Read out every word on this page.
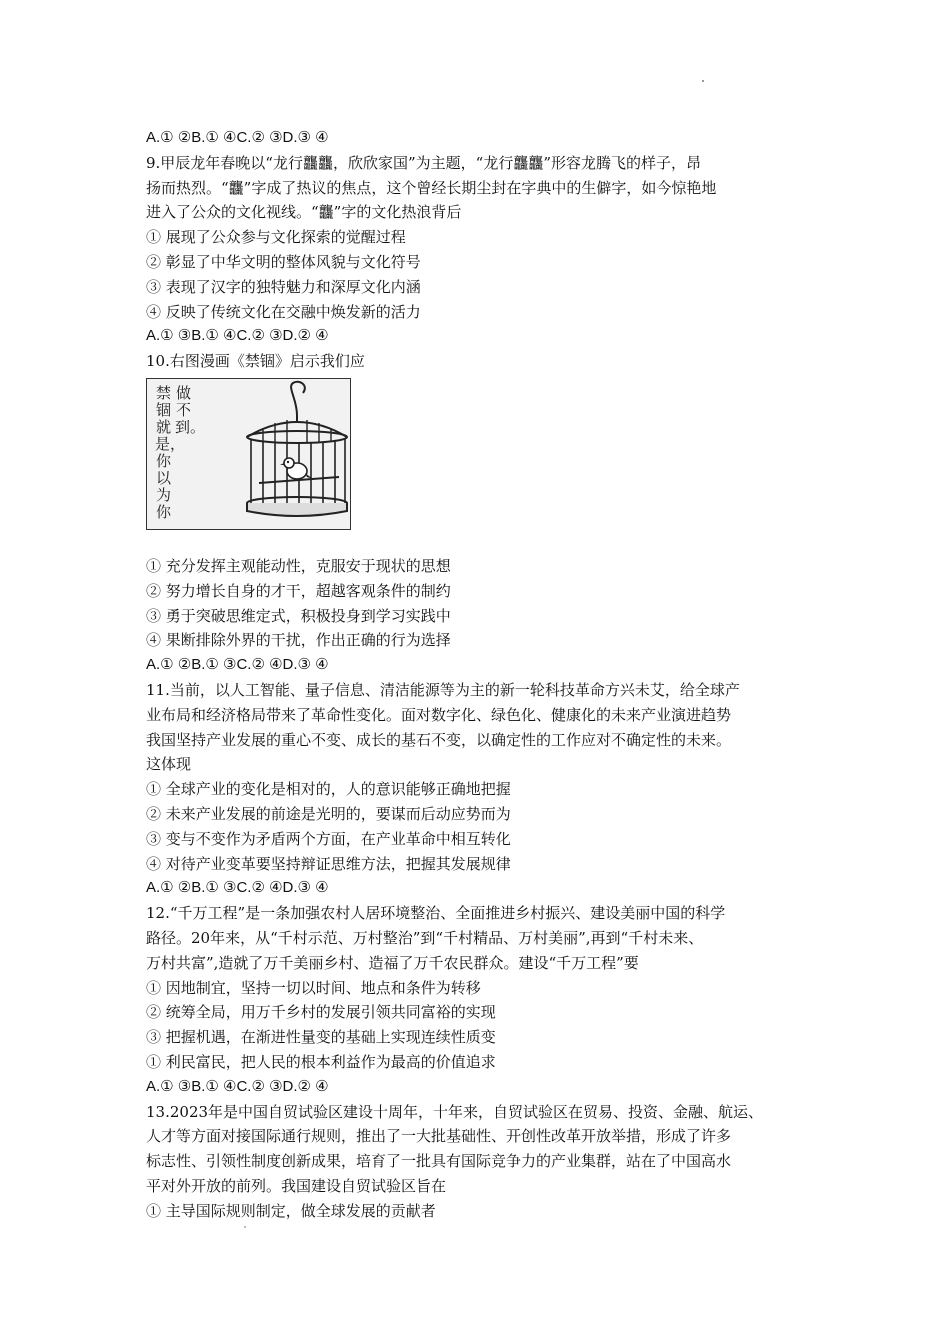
A.① ②B.① ④C.② ③D.③ ④
9.甲辰龙年春晚以“龙行龘龘，欣欣家国”为主题，“龙行龘龘”形容龙腾飞的样子，昂
扬而热烈。“龘”字成了热议的焦点，这个曾经长期尘封在字典中的生僻字，如今惊艳地
进入了公众的文化视线。“龘”字的文化热浪背后
① 展现了公众参与文化探索的觉醒过程
② 彰显了中华文明的整体风貌与文化符号
③ 表现了汉字的独特魅力和深厚文化内涵
④ 反映了传统文化在交融中焕发新的活力
A.① ③B.① ④C.② ③D.② ④
10.右图漫画《禁锢》启示我们应
禁锢就是，你以为你
做不到。
① 充分发挥主观能动性，克服安于现状的思想
② 努力增长自身的才干，超越客观条件的制约
③ 勇于突破思维定式，积极投身到学习实践中
④ 果断排除外界的干扰，作出正确的行为选择
A.① ②B.① ③C.② ④D.③ ④
11.当前，以人工智能、量子信息、清洁能源等为主的新一轮科技革命方兴未艾，给全球产
业布局和经济格局带来了革命性变化。面对数字化、绿色化、健康化的未来产业演进趋势
我国坚持产业发展的重心不变、成长的基石不变，以确定性的工作应对不确定性的未来。
这体现
① 全球产业的变化是相对的，人的意识能够正确地把握
② 未来产业发展的前途是光明的，要谋而后动应势而为
③ 变与不变作为矛盾两个方面，在产业革命中相互转化
④ 对待产业变革要坚持辩证思维方法，把握其发展规律
A.① ②B.① ③C.② ④D.③ ④
12.“千万工程”是一条加强农村人居环境整治、全面推进乡村振兴、建设美丽中国的科学
路径。20年来，从“千村示范、万村整治”到“千村精品、万村美丽”,再到“千村未来、
万村共富”,造就了万千美丽乡村、造福了万千农民群众。建设“千万工程”要
① 因地制宜，坚持一切以时间、地点和条件为转移
② 统筹全局，用万千乡村的发展引领共同富裕的实现
③ 把握机遇，在渐进性量变的基础上实现连续性质变
① 利民富民，把人民的根本利益作为最高的价值追求
A.① ③B.① ④C.② ③D.② ④
13.2023年是中国自贸试验区建设十周年，十年来，自贸试验区在贸易、投资、金融、航运、
人才等方面对接国际通行规则，推出了一大批基础性、开创性改革开放举措，形成了许多
标志性、引领性制度创新成果，培育了一批具有国际竞争力的产业集群，站在了中国高水
平对外开放的前列。我国建设自贸试验区旨在
① 主导国际规则制定，做全球发展的贡献者
